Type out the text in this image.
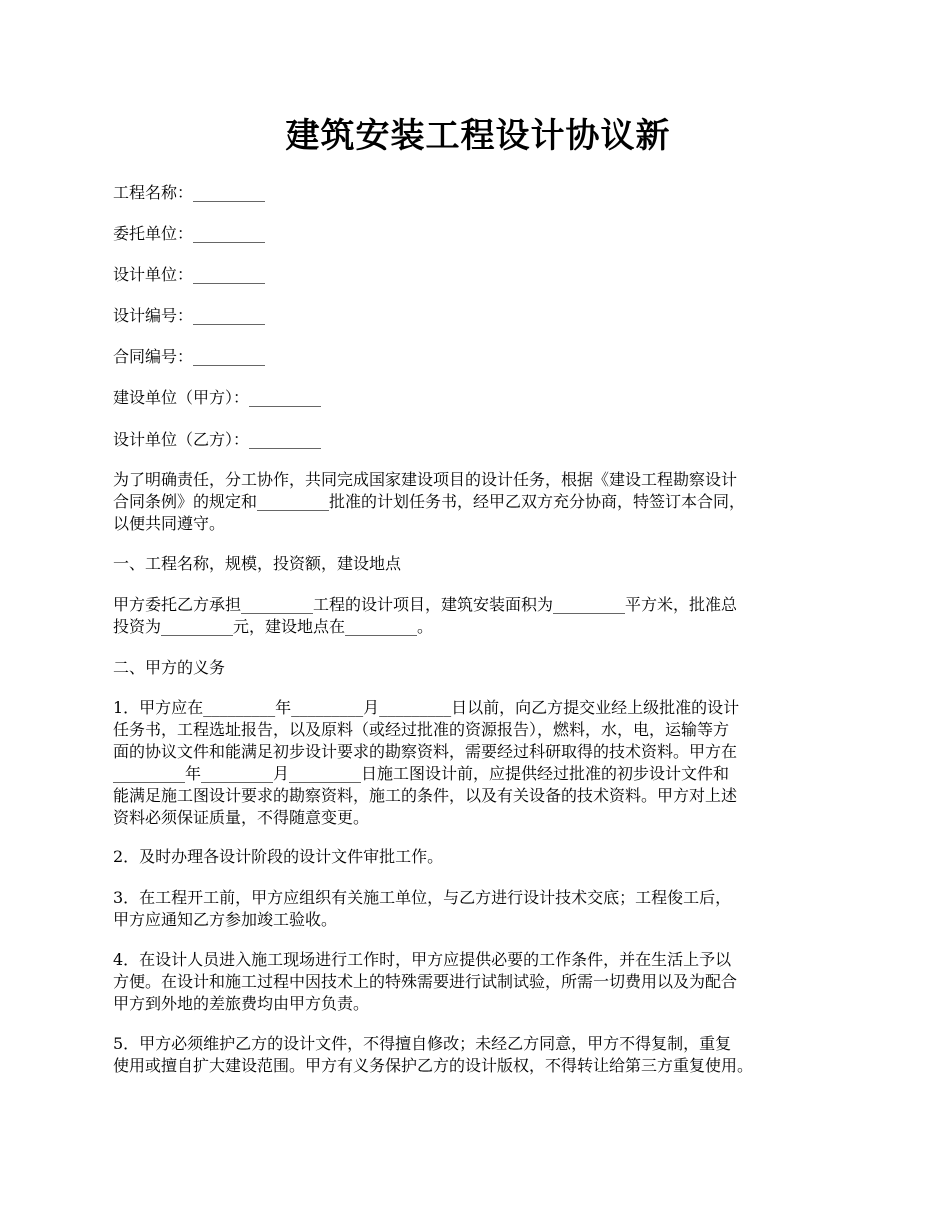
建筑安装工程设计协议新
工程名称：_________
委托单位：_________
设计单位：_________
设计编号：_________
合同编号：_________
建设单位（甲方）：_________
设计单位（乙方）：_________
为了明确责任，分工协作，共同完成国家建设项目的设计任务，根据《建设工程勘察设计
合同条例》的规定和_________批准的计划任务书，经甲乙双方充分协商，特签订本合同，
以便共同遵守。
一、工程名称，规模，投资额，建设地点
甲方委托乙方承担_________工程的设计项目，建筑安装面积为_________平方米，批准总
投资为_________元，建设地点在_________。
二、甲方的义务
1．甲方应在_________年_________月_________日以前，向乙方提交业经上级批准的设计
任务书，工程选址报告，以及原料（或经过批准的资源报告），燃料，水，电，运输等方
面的协议文件和能满足初步设计要求的勘察资料，需要经过科研取得的技术资料。甲方在
_________年_________月_________日施工图设计前，应提供经过批准的初步设计文件和
能满足施工图设计要求的勘察资料，施工的条件，以及有关设备的技术资料。甲方对上述
资料必须保证质量，不得随意变更。
2．及时办理各设计阶段的设计文件审批工作。
3．在工程开工前，甲方应组织有关施工单位，与乙方进行设计技术交底；工程俊工后，
甲方应通知乙方参加竣工验收。
4．在设计人员进入施工现场进行工作时，甲方应提供必要的工作条件，并在生活上予以
方便。在设计和施工过程中因技术上的特殊需要进行试制试验，所需一切费用以及为配合
甲方到外地的差旅费均由甲方负责。
5．甲方必须维护乙方的设计文件，不得擅自修改；未经乙方同意，甲方不得复制，重复
使用或擅自扩大建设范围。甲方有义务保护乙方的设计版权，不得转让给第三方重复使用。
